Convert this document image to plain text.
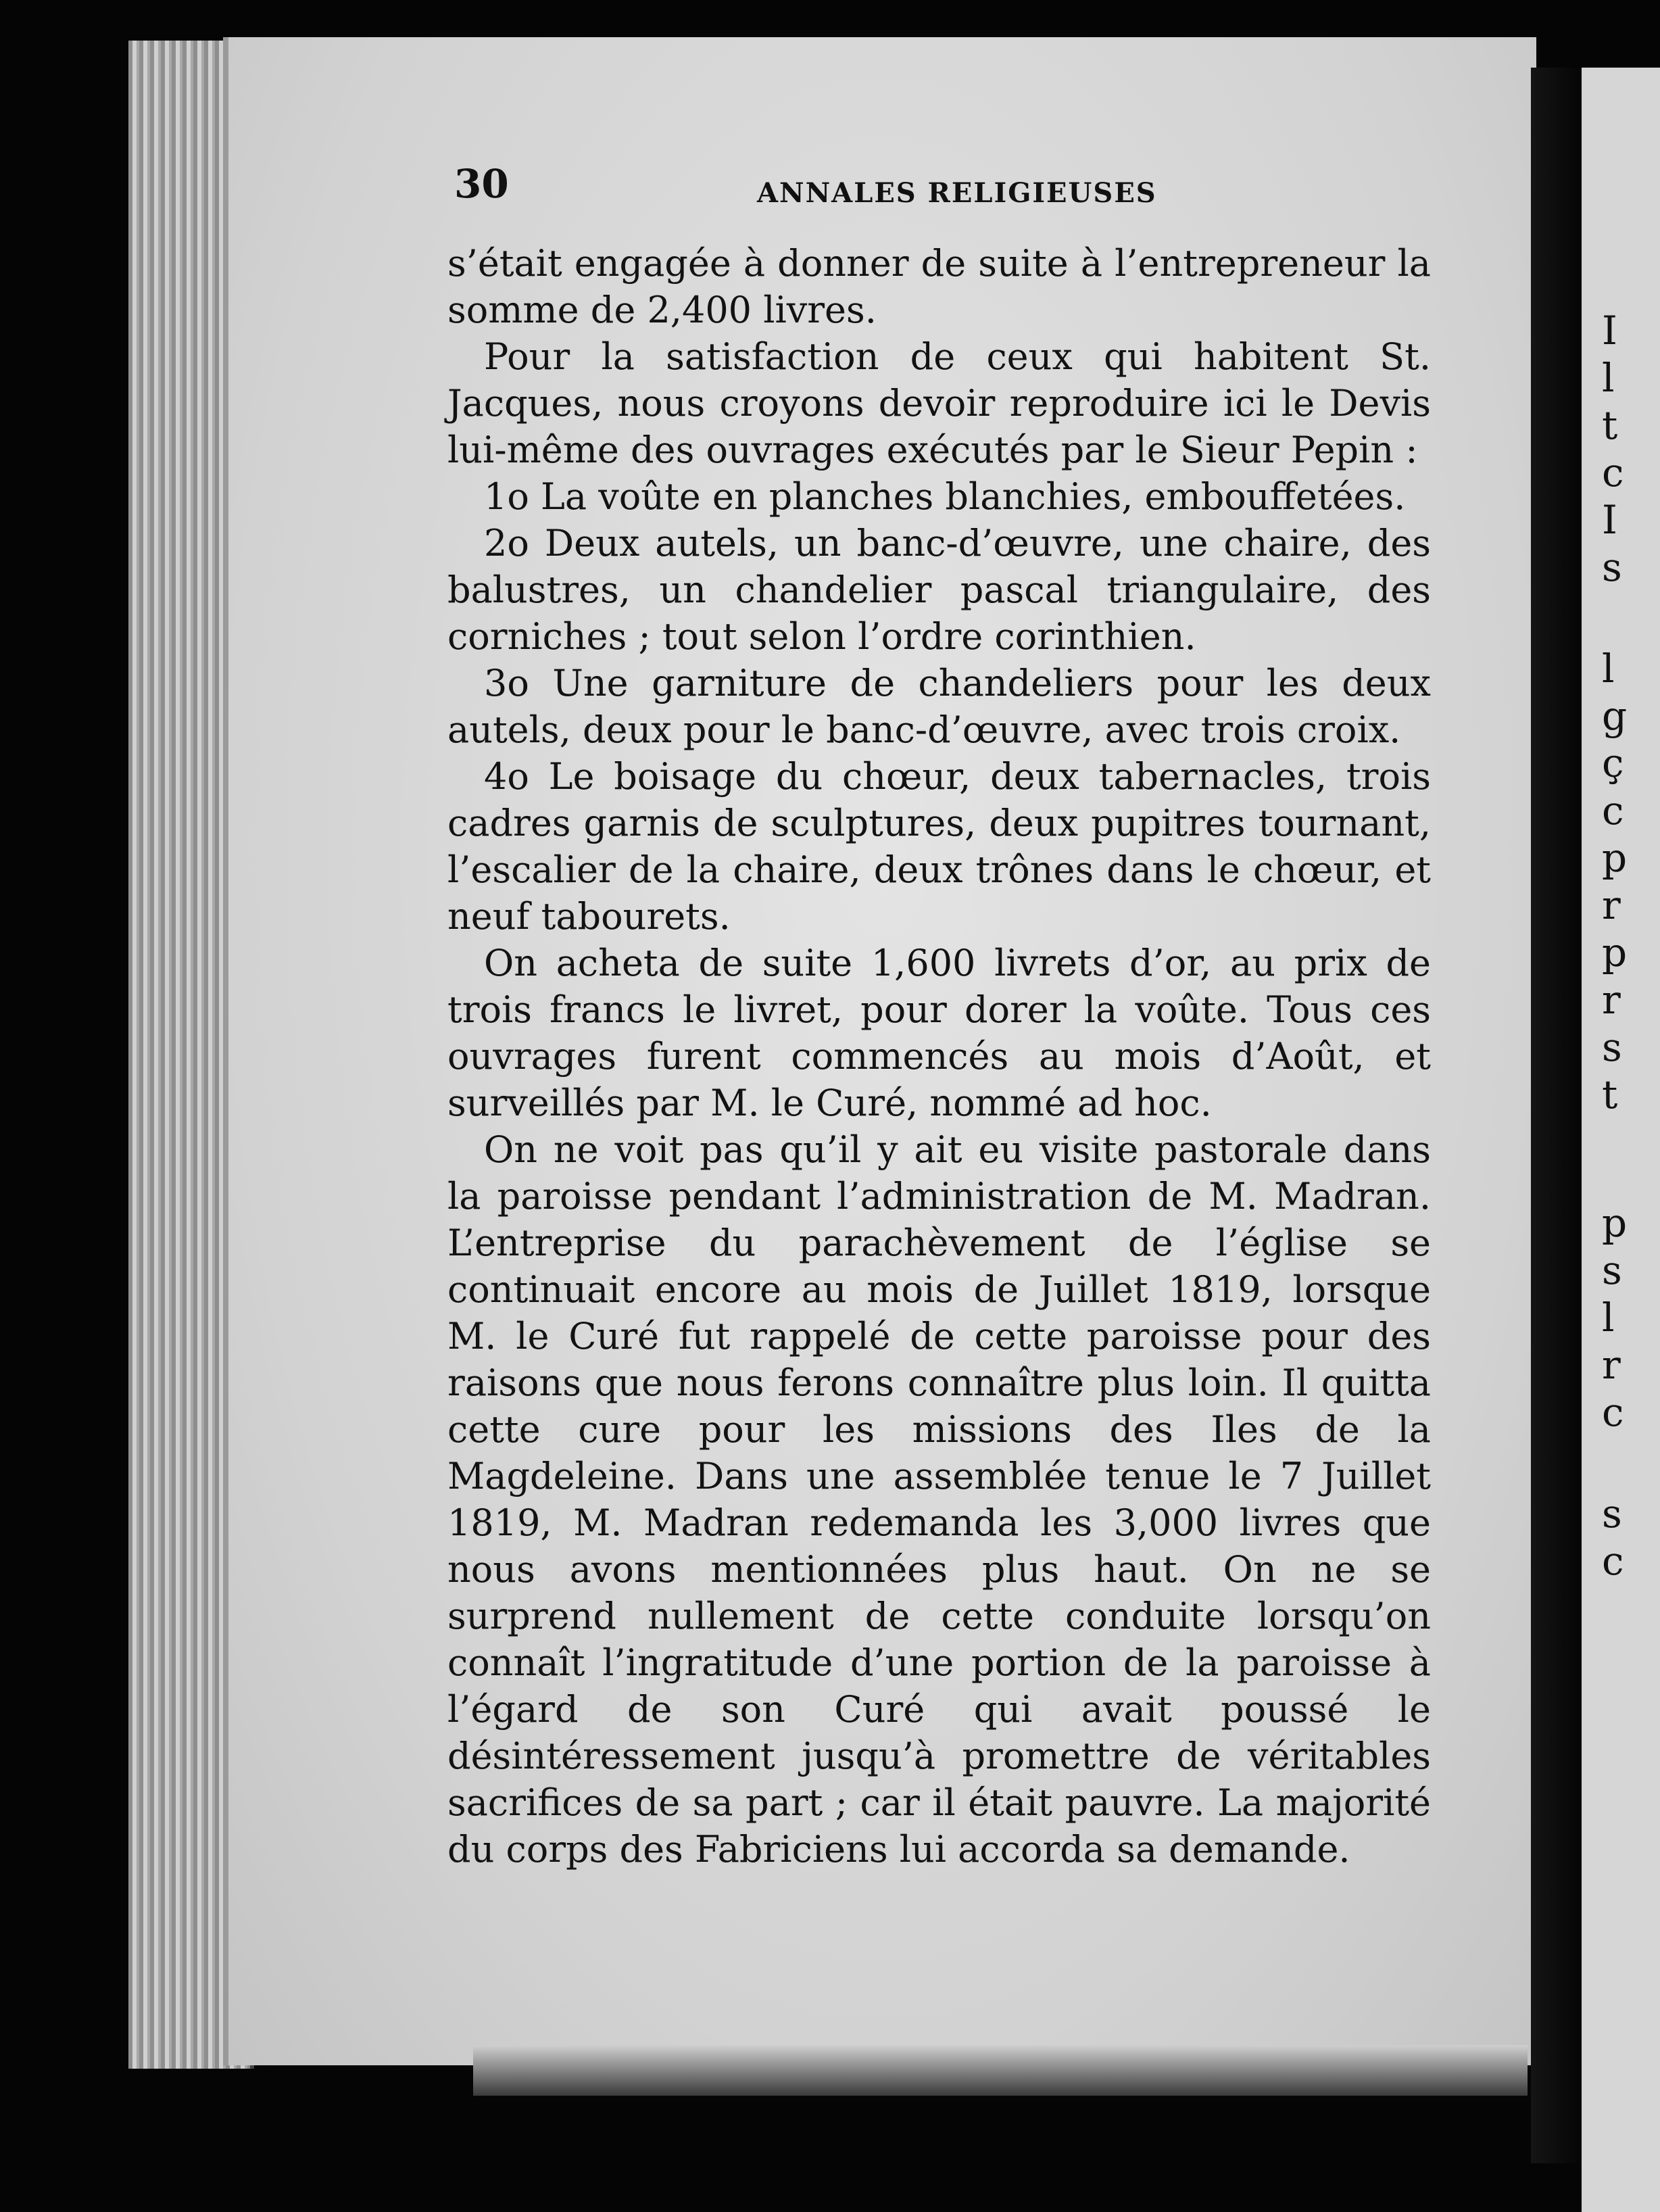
I
l
t
c
I
s
l
g
ç
c
p
r
p
r
s
t
p
s
l
r
c
s
c
30	ANNALES RELIGIEUSES

s’était engagée à donner de suite à l’entrepreneur la somme de 2,400 livres.

Pour la satisfaction de ceux qui habitent St. Jacques, nous croyons devoir reproduire ici le Devis lui-même des ouvrages exécutés par le Sieur Pepin :

1o La voûte en planches blanchies, embouffetées.

2o Deux autels, un banc-d’œuvre, une chaire, des balustres, un chandelier pascal triangulaire, des corniches ; tout selon l’ordre corinthien.

3o Une garniture de chandeliers pour les deux autels, deux pour le banc-d’œuvre, avec trois croix.

4o Le boisage du chœur, deux tabernacles, trois cadres garnis de sculptures, deux pupitres tournant, l’escalier de la chaire, deux trônes dans le chœur, et neuf tabourets.

On acheta de suite 1,600 livrets d’or, au prix de trois francs le livret, pour dorer la voûte. Tous ces ouvrages furent commencés au mois d’Août, et surveillés par M. le Curé, nommé ad hoc.

On ne voit pas qu’il y ait eu visite pastorale dans la paroisse pendant l’administration de M. Madran. L’entreprise du parachèvement de l’église se continuait encore au mois de Juillet 1819, lorsque M. le Curé fut rappelé de cette paroisse pour des raisons que nous ferons connaître plus loin. Il quitta cette cure pour les missions des Iles de la Magdeleine. Dans une assemblée tenue le 7 Juillet 1819, M. Madran redemanda les 3,000 livres que nous avons mentionnées plus haut. On ne se surprend nullement de cette conduite lorsqu’on connaît l’ingratitude d’une portion de la paroisse à l’égard de son Curé qui avait poussé le désintéressement jusqu’à promettre de véritables sacrifices de sa part ; car il était pauvre. La majorité du corps des Fabriciens lui accorda sa demande.
